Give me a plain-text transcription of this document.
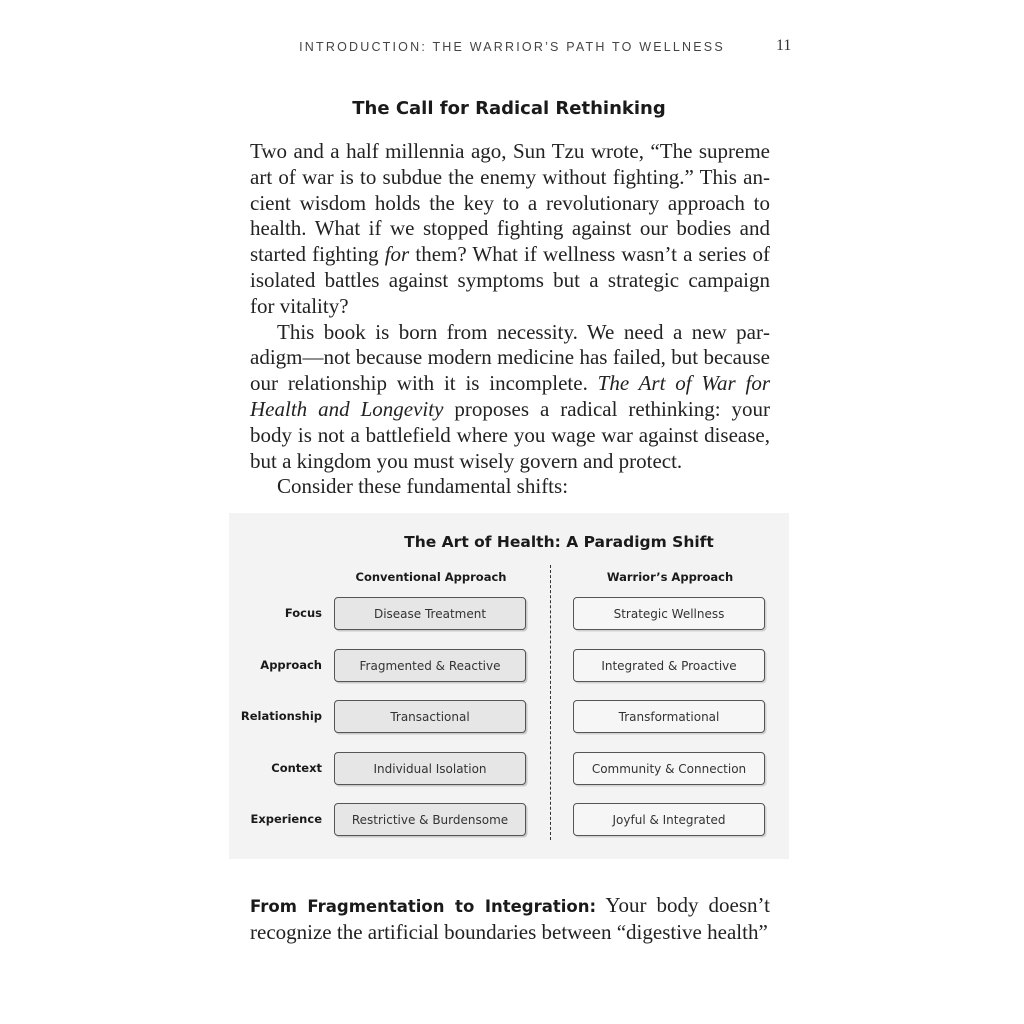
INTRODUCTION: THE WARRIOR’S PATH TO WELLNESS	11
The Call for Radical Rethinking

Two and a half millennia ago, Sun Tzu wrote, “The supreme art of war is to subdue the enemy without fighting.” This ancient wisdom holds the key to a revolutionary approach to health. What if we stopped fighting against our bodies and started fighting for them? What if wellness wasn’t a series of isolated battles against symptoms but a strategic campaign for vitality?

This book is born from necessity. We need a new paradigm—not because modern medicine has failed, but because our relationship with it is incomplete. The Art of War for Health and Longevity proposes a radical rethinking: your body is not a battlefield where you wage war against disease, but a kingdom you must wisely govern and protect.

Consider these fundamental shifts:

The Art of Health: A Paradigm Shift
Conventional Approach	Warrior’s Approach
Focus	Disease Treatment	Strategic Wellness
Approach	Fragmented & Reactive	Integrated & Proactive
Relationship	Transactional	Transformational
Context	Individual Isolation	Community & Connection
Experience	Restrictive & Burdensome	Joyful & Integrated

From Fragmentation to Integration: Your body doesn’t recognize the artificial boundaries between “digestive health”
